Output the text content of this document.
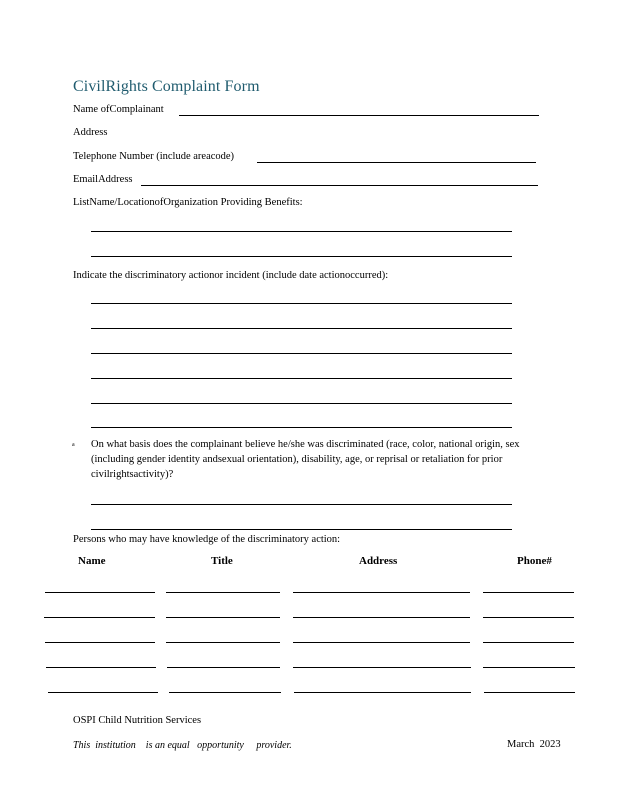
CivilRights Complaint Form
Name ofComplainant
Address
Telephone Number (include areacode)
EmailAddress
ListName/LocationofOrganization Providing Benefits:
Indicate the discriminatory actionor incident (include date actionoccurred):
a On what basis does the complainant believe he/she was discriminated (race, color, national origin, sex (including gender identity andsexual orientation), disability, age, or reprisal or retaliation for prior civilrightsactivity)?
Persons who may have knowledge of the discriminatory action:
Name	Title	Address	Phone#
OSPI Child Nutrition Services
This  institution    is an equal   opportunity     provider.	March  2023
